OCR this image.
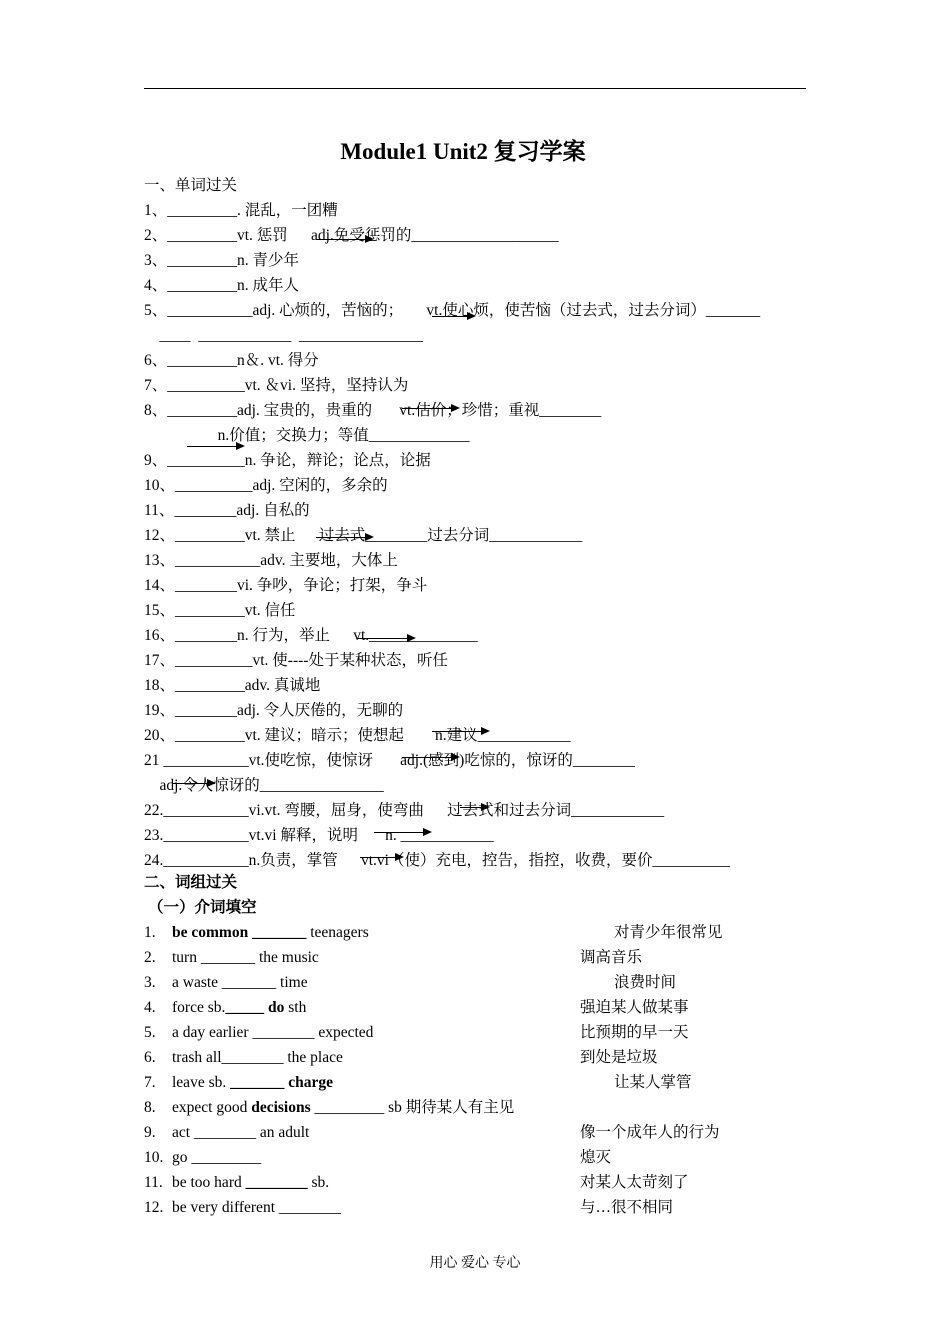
Module1 Unit2 复习学案
一、单词过关
1、_________. 混乱，一团糟
2、_________vt. 惩罚      adj.免受惩罚的___________________
3、_________n. 青少年
4、_________n. 成年人
5、___________adj. 心烦的，苦恼的；      vt.使心烦，使苦恼（过去式，过去分词）_______
____  ____________  ________________
6、_________n＆. vt. 得分
7、__________vt. ＆vi. 坚持，坚持认为
8、_________adj. 宝贵的，贵重的       vt.估价；珍惜；重视________
n.价值；交换力；等值_____________
9、__________n. 争论，辩论；论点，论据
10、__________adj. 空闲的，多余的
11、________adj. 自私的
12、_________vt. 禁止      过去式________过去分词____________
13、___________adv. 主要地，大体上
14、________vi. 争吵，争论；打架，争斗
15、_________vt. 信任
16、________n. 行为，举止      vt.______________
17、__________vt. 使----处于某种状态，听任
18、_________adv. 真诚地
19、________adj. 令人厌倦的，无聊的
20、_________vt. 建议；暗示；使想起        n.建议____________
21 ___________vt.使吃惊，使惊讶       adj.(感到)吃惊的，惊讶的________
adj.令人惊讶的________________
22.___________vi.vt. 弯腰，屈身，使弯曲      过去式和过去分词____________
23.___________vt.vi 解释，说明       n. ____________
24.___________n.负责，掌管      vt.vi（使）充电，控告，指控，收费，要价__________
二、词组过关
（一）介词填空
1. be common _______ teenagers	对青少年很常见
2. turn _______ the music	调高音乐
3. a waste _______ time	浪费时间
4. force sb._____ do sth	强迫某人做某事
5. a day earlier ________ expected	比预期的早一天
6. trash all________ the place	到处是垃圾
7. leave sb. _______ charge	让某人掌管
8. expect good decisions _________ sb 期待某人有主见
9. act ________ an adult	像一个成年人的行为
10. go _________	熄灭
11. be too hard ________ sb.	对某人太苛刻了
12. be very different ________	与…很不相同
用心 爱心 专心
